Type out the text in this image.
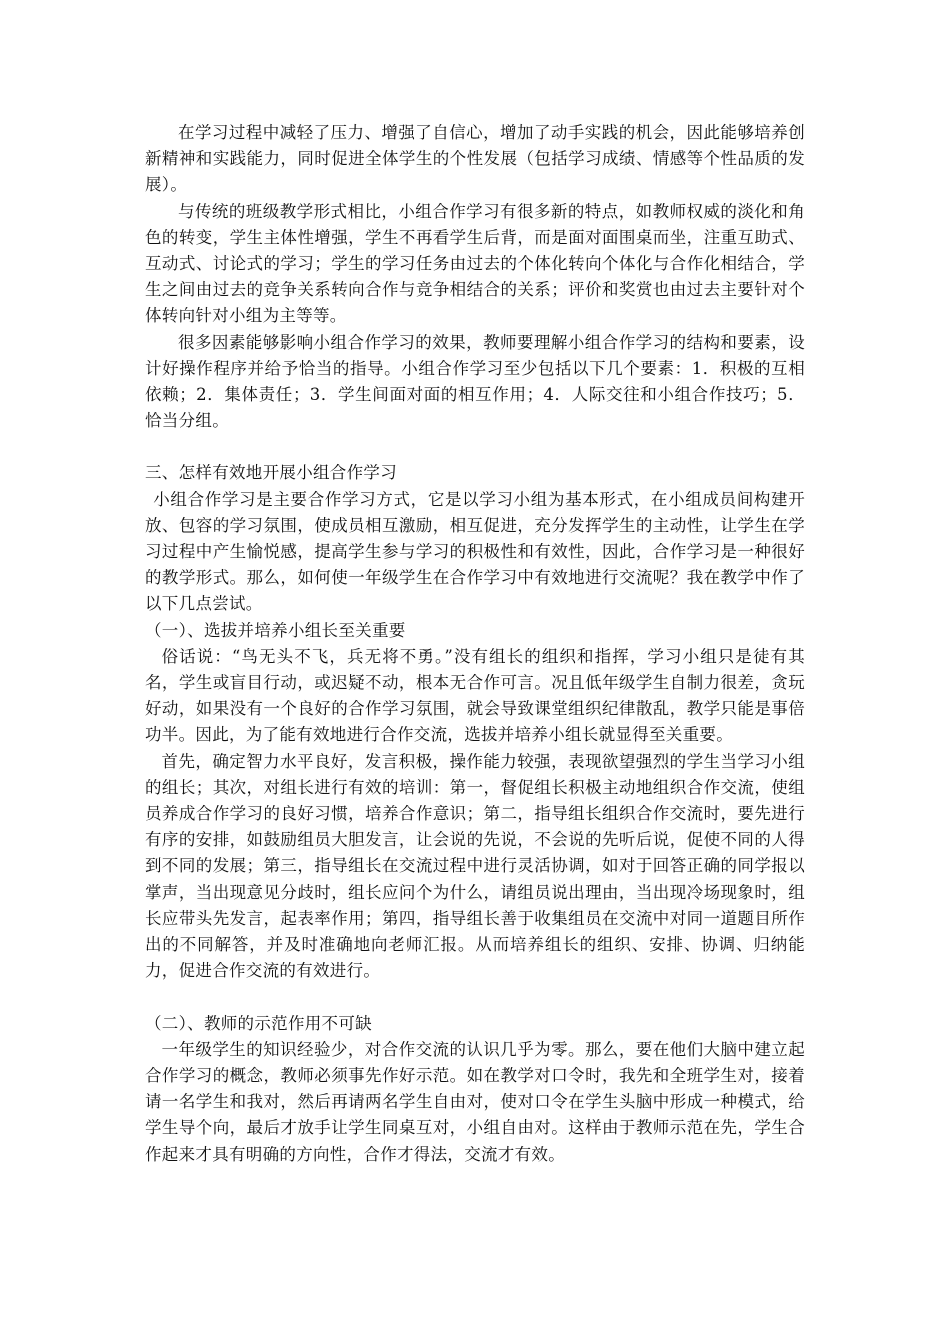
在学习过程中减轻了压力、增强了自信心，增加了动手实践的机会，因此能够培养创新精神和实践能力，同时促进全体学生的个性发展（包括学习成绩、情感等个性品质的发展）。

与传统的班级教学形式相比，小组合作学习有很多新的特点，如教师权威的淡化和角色的转变，学生主体性增强，学生不再看学生后背，而是面对面围桌而坐，注重互助式、互动式、讨论式的学习；学生的学习任务由过去的个体化转向个体化与合作化相结合，学生之间由过去的竞争关系转向合作与竞争相结合的关系；评价和奖赏也由过去主要针对个体转向针对小组为主等等。

很多因素能够影响小组合作学习的效果，教师要理解小组合作学习的结构和要素，设计好操作程序并给予恰当的指导。小组合作学习至少包括以下几个要素：1．积极的互相依赖；2．集体责任；3．学生间面对面的相互作用；4．人际交往和小组合作技巧；5．恰当分组。

三、怎样有效地开展小组合作学习

小组合作学习是主要合作学习方式，它是以学习小组为基本形式，在小组成员间构建开放、包容的学习氛围，使成员相互激励，相互促进，充分发挥学生的主动性，让学生在学习过程中产生愉悦感，提高学生参与学习的积极性和有效性，因此，合作学习是一种很好的教学形式。那么，如何使一年级学生在合作学习中有效地进行交流呢？我在教学中作了以下几点尝试。

（一）、选拔并培养小组长至关重要

俗话说：“鸟无头不飞，兵无将不勇。”没有组长的组织和指挥，学习小组只是徒有其名，学生或盲目行动，或迟疑不动，根本无合作可言。况且低年级学生自制力很差，贪玩好动，如果没有一个良好的合作学习氛围，就会导致课堂组织纪律散乱，教学只能是事倍功半。因此，为了能有效地进行合作交流，选拔并培养小组长就显得至关重要。

首先，确定智力水平良好，发言积极，操作能力较强，表现欲望强烈的学生当学习小组的组长；其次，对组长进行有效的培训：第一，督促组长积极主动地组织合作交流，使组员养成合作学习的良好习惯，培养合作意识；第二，指导组长组织合作交流时，要先进行有序的安排，如鼓励组员大胆发言，让会说的先说，不会说的先听后说，促使不同的人得到不同的发展；第三，指导组长在交流过程中进行灵活协调，如对于回答正确的同学报以掌声，当出现意见分歧时，组长应问个为什么，请组员说出理由，当出现冷场现象时，组长应带头先发言，起表率作用；第四，指导组长善于收集组员在交流中对同一道题目所作出的不同解答，并及时准确地向老师汇报。从而培养组长的组织、安排、协调、归纳能力，促进合作交流的有效进行。

（二）、教师的示范作用不可缺

一年级学生的知识经验少，对合作交流的认识几乎为零。那么，要在他们大脑中建立起合作学习的概念，教师必须事先作好示范。如在教学对口令时，我先和全班学生对，接着请一名学生和我对，然后再请两名学生自由对，使对口令在学生头脑中形成一种模式，给学生导个向，最后才放手让学生同桌互对，小组自由对。这样由于教师示范在先，学生合作起来才具有明确的方向性，合作才得法，交流才有效。
